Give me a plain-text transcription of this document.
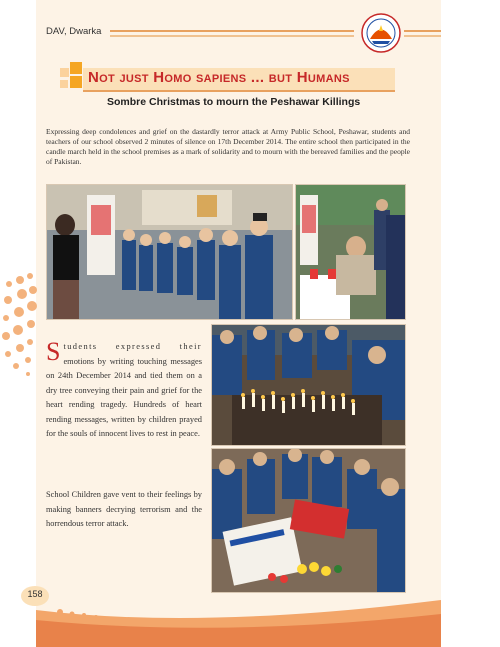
DAV, Dwarka
Not just Homo sapiens ... but Humans
Sombre Christmas to mourn the Peshawar Killings
Expressing deep condolences and grief on the dastardly terror attack at Army Public School, Peshawar, students and teachers of our school observed 2 minutes of silence on 17th December 2014. The entire school then participated in the candle march held in the school premises as a mark of solidarity and to mourn with the bereaved families and the people of Pakistan.
Students expressed their emotions by writing touching messages on 24th December 2014 and tied them on a dry tree conveying their pain and grief for the heart rending tragedy. Hundreds of heart rending messages, written by children prayed for the souls of innocent lives to rest in peace.
School Children gave vent to their feelings by making banners decrying terrorism and the horrendous terror attack.
158
